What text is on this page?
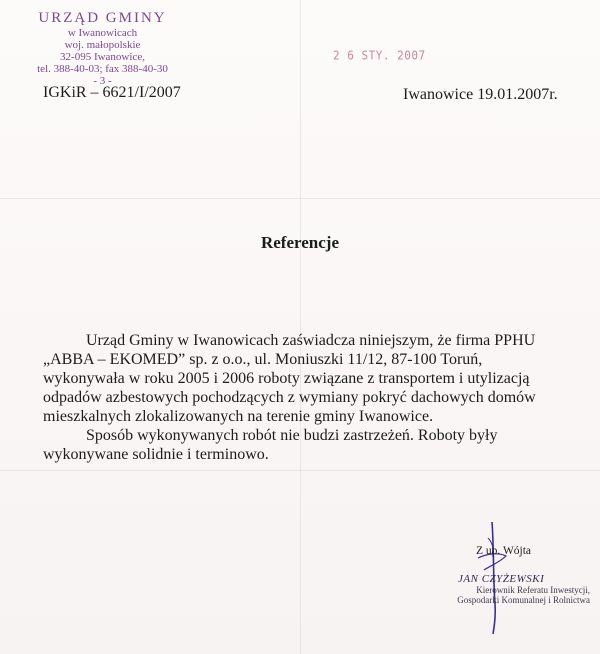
URZĄD GMINY
w Iwanowicach
woj. małopolskie
32-095 Iwanowice,
tel. 388-40-03; fax 388-40-30
- 3 -
2 6 STY. 2007
IGKiR – 6621/I/2007	Iwanowice 19.01.2007r.
Referencje

Urząd Gminy w Iwanowicach zaświadcza niniejszym, że firma PPHU

„ABBA – EKOMED” sp. z o.o., ul. Moniuszki 11/12, 87-100 Toruń,

wykonywała w roku 2005 i 2006 roboty związane z transportem i utylizacją

odpadów azbestowych pochodzących z wymiany pokryć dachowych domów

mieszkalnych zlokalizowanych na terenie gminy Iwanowice.

Sposób wykonywanych robót nie budzi zastrzeżeń. Roboty były

wykonywane solidnie i terminowo.

Z up. Wójta
JAN CZYŻEWSKI
Kierownik Referatu Inwestycji,
Gospodarki Komunalnej i Rolnictwa
